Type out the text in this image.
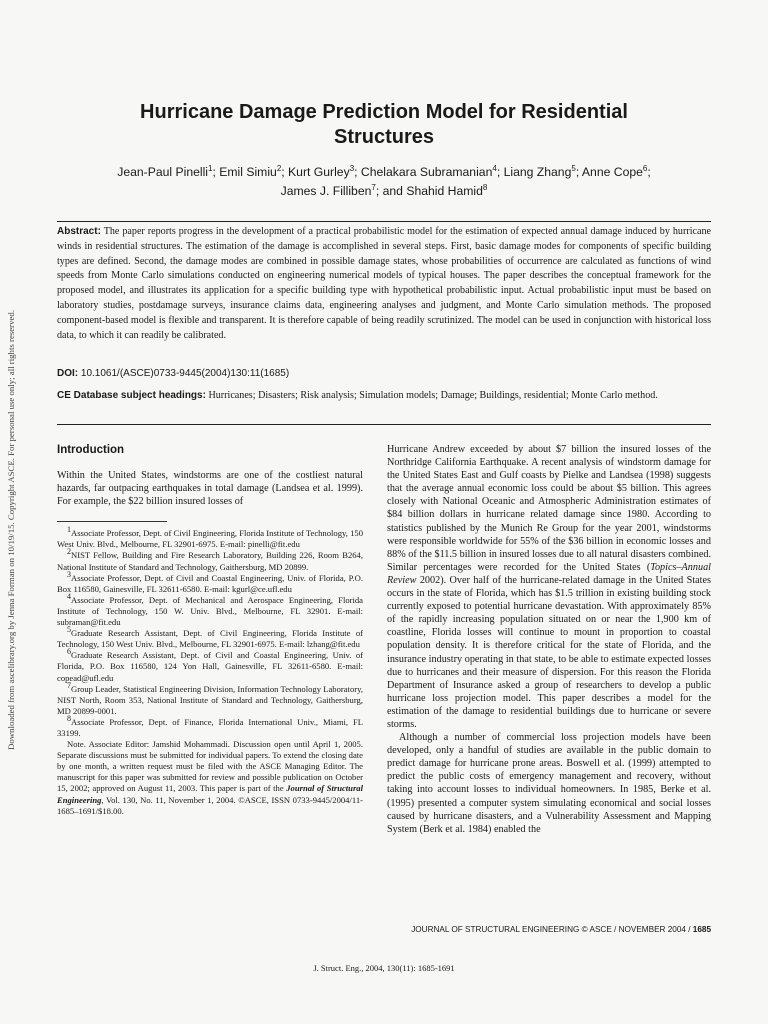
Downloaded from ascelibrary.org by Jenna Forman on 10/19/15. Copyright ASCE. For personal use only; all rights reserved.
Hurricane Damage Prediction Model for Residential Structures
Jean-Paul Pinelli$^1$; Emil Simiu$^2$; Kurt Gurley$^3$; Chelakara Subramanian$^4$; Liang Zhang$^5$; Anne Cope$^6$;
James J. Filliben$^7$; and Shahid Hamid$^8$

Abstract: The paper reports progress in the development of a practical probabilistic model for the estimation of expected annual damage induced by hurricane winds in residential structures. The estimation of the damage is accomplished in several steps. First, basic damage modes for components of specific building types are defined. Second, the damage modes are combined in possible damage states, whose probabilities of occurrence are calculated as functions of wind speeds from Monte Carlo simulations conducted on engineering numerical models of typical houses. The paper describes the conceptual framework for the proposed model, and illustrates its application for a specific building type with hypothetical probabilistic input. Actual probabilistic input must be based on laboratory studies, postdamage surveys, insurance claims data, engineering analyses and judgment, and Monte Carlo simulation methods. The proposed component-based model is flexible and transparent. It is therefore capable of being readily scrutinized. The model can be used in conjunction with historical loss data, to which it can readily be calibrated.

DOI: 10.1061/(ASCE)0733-9445(2004)130:11(1685)

CE Database subject headings: Hurricanes; Disasters; Risk analysis; Simulation models; Damage; Buildings, residential; Monte Carlo method.

Introduction

Within the United States, windstorms are one of the costliest natural hazards, far outpacing earthquakes in total damage (Landsea et al. 1999). For example, the $22 billion insured losses of

$^1$Associate Professor, Dept. of Civil Engineering, Florida Institute of Technology, 150 West Univ. Blvd., Melbourne, FL 32901-6975. E-mail: pinelli@fit.edu

$^2$NIST Fellow, Building and Fire Research Laboratory, Building 226, Room B264, National Institute of Standard and Technology, Gaithersburg, MD 20899.

$^3$Associate Professor, Dept. of Civil and Coastal Engineering, Univ. of Florida, P.O. Box 116580, Gainesville, FL 32611-6580. E-mail: kgurl@ce.ufl.edu

$^4$Associate Professor, Dept. of Mechanical and Aerospace Engineering, Florida Institute of Technology, 150 W. Univ. Blvd., Melbourne, FL 32901. E-mail: subraman@fit.edu

$^5$Graduate Research Assistant, Dept. of Civil Engineering, Florida Institute of Technology, 150 West Univ. Blvd., Melbourne, FL 32901-6975. E-mail: lzhang@fit.edu

$^6$Graduate Research Assistant, Dept. of Civil and Coastal Engineering, Univ. of Florida, P.O. Box 116580, 124 Yon Hall, Gainesville, FL 32611-6580. E-mail: copead@ufl.edu

$^7$Group Leader, Statistical Engineering Division, Information Technology Laboratory, NIST North, Room 353, National Institute of Standard and Technology, Gaithersburg, MD 20899-0001.

$^8$Associate Professor, Dept. of Finance, Florida International Univ., Miami, FL 33199.

Note. Associate Editor: Jamshid Mohammadi. Discussion open until April 1, 2005. Separate discussions must be submitted for individual papers. To extend the closing date by one month, a written request must be filed with the ASCE Managing Editor. The manuscript for this paper was submitted for review and possible publication on October 15, 2002; approved on August 11, 2003. This paper is part of the Journal of Structural Engineering, Vol. 130, No. 11, November 1, 2004. ©ASCE, ISSN 0733-9445/2004/11-1685–1691/$18.00.

Hurricane Andrew exceeded by about $7 billion the insured losses of the Northridge California Earthquake. A recent analysis of windstorm damage for the United States East and Gulf coasts by Pielke and Landsea (1998) suggests that the average annual economic loss could be about $5 billion. This agrees closely with National Oceanic and Atmospheric Administration estimates of $84 billion dollars in hurricane related damage since 1980. According to statistics published by the Munich Re Group for the year 2001, windstorms were responsible worldwide for 55% of the $36 billion in economic losses and 88% of the $11.5 billion in insured losses due to all natural disasters combined. Similar percentages were recorded for the United States (Topics–Annual Review 2002). Over half of the hurricane-related damage in the United States occurs in the state of Florida, which has $1.5 trillion in existing building stock currently exposed to potential hurricane devastation. With approximately 85% of the rapidly increasing population situated on or near the 1,900 km of coastline, Florida losses will continue to mount in proportion to coastal population density. It is therefore critical for the state of Florida, and the insurance industry operating in that state, to be able to estimate expected losses due to hurricanes and their measure of dispersion. For this reason the Florida Department of Insurance asked a group of researchers to develop a public hurricane loss projection model. This paper describes a model for the estimation of the damage to residential buildings due to hurricane or severe storms.

Although a number of commercial loss projection models have been developed, only a handful of studies are available in the public domain to predict damage for hurricane prone areas. Boswell et al. (1999) attempted to predict the public costs of emergency management and recovery, without taking into account losses to individual homeowners. In 1985, Berke et al. (1995) presented a computer system simulating economical and social losses caused by hurricane disasters, and a Vulnerability Assessment and Mapping System (Berk et al. 1984) enabled the

JOURNAL OF STRUCTURAL ENGINEERING © ASCE / NOVEMBER 2004 / 1685

J. Struct. Eng., 2004, 130(11): 1685-1691
